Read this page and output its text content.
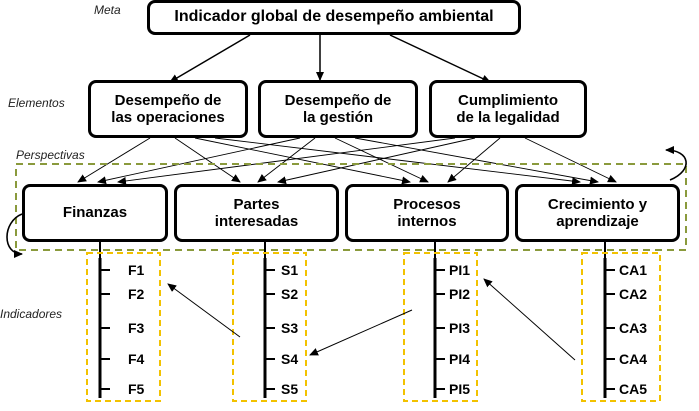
Meta
Elementos
Perspectivas
Indicadores
Indicador global de desempeño ambiental
Desempeño de
las operaciones
Desempeño de
la gestión
Cumplimiento
de la legalidad
Finanzas
Partes
interesadas
Procesos
internos
Crecimiento y
aprendizaje
F1
F2
F3
F4
F5
S1
S2
S3
S4
S5
PI1
PI2
PI3
PI4
PI5
CA1
CA2
CA3
CA4
CA5
